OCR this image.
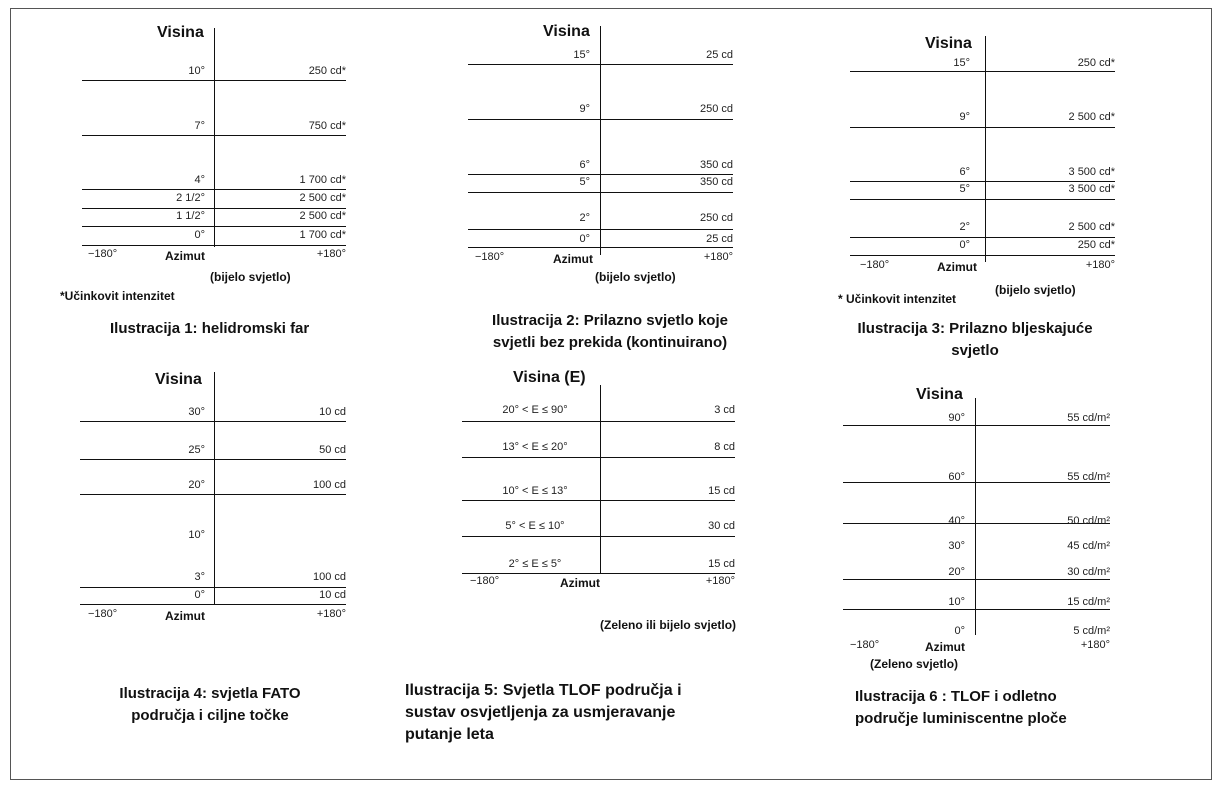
Visina
10°	250 cd*
7°	750 cd*
4°	1 700 cd*
2 1/2°	2 500 cd*
1 1/2°	2 500 cd*
0°	1 700 cd*
−180°	Azimut	+180°
(bijelo svjetlo)
*Učinkovit intenzitet
Ilustracija 1: helidromski far
Visina
15°	25 cd
9°	250 cd
6°	350 cd
5°	350 cd
2°	250 cd
0°	25 cd
−180°	Azimut	+180°
(bijelo svjetlo)
Ilustracija 2: Prilazno svjetlo koje
svjetli bez prekida (kontinuirano)
Visina
15°	250 cd*
9°	2 500 cd*
6°	3 500 cd*
5°	3 500 cd*
2°	2 500 cd*
0°	250 cd*
−180°	Azimut	+180°
(bijelo svjetlo)
* Učinkovit intenzitet
Ilustracija 3: Prilazno bljeskajuće
svjetlo
Visina
30°	10 cd
25°	50 cd
20°	100 cd
10°
3°	100 cd
0°	10 cd
−180°	Azimut	+180°
Ilustracija 4: svjetla FATO
područja i ciljne točke
Visina (E)
20° < E ≤ 90°	3 cd
13° < E ≤ 20°	8 cd
10° < E ≤ 13°	15 cd
5° < E ≤ 10°	30 cd
2° ≤ E ≤ 5°	15 cd
−180°	Azimut	+180°
(Zeleno ili bijelo svjetlo)
Ilustracija 5: Svjetla TLOF područja i
sustav osvjetljenja za usmjeravanje
putanje leta
Visina
90°	55 cd/m²
60°	55 cd/m²
40°	50 cd/m²
30°	45 cd/m²
20°	30 cd/m²
10°	15 cd/m²
0°	5 cd/m²
−180°	Azimut	+180°
(Zeleno svjetlo)
Ilustracija 6 : TLOF i odletno
područje luminiscentne ploče
